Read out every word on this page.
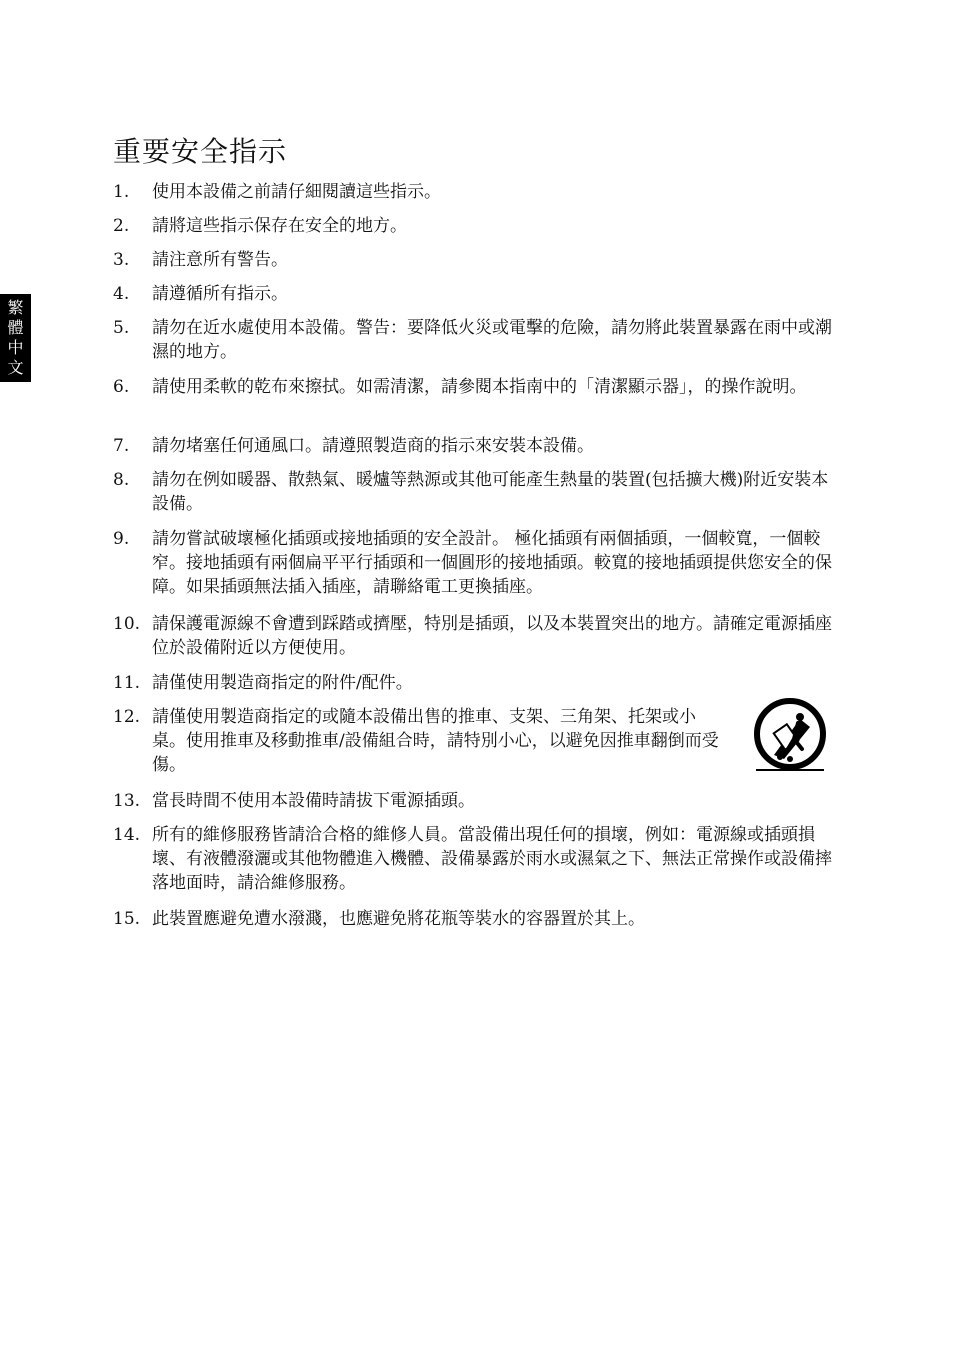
繁
體
中
文
重要安全指示
1.	使用本設備之前請仔細閱讀這些指示。
2.	請將這些指示保存在安全的地方。
3.	請注意所有警告。
4.	請遵循所有指示。
5.	請勿在近水處使用本設備。警告：要降低火災或電擊的危險，請勿將此裝置暴露在雨中或潮濕的地方。
6.	請使用柔軟的乾布來擦拭。如需清潔，請參閱本指南中的「清潔顯示器」，的操作說明。
7.	請勿堵塞任何通風口。請遵照製造商的指示來安裝本設備。
8.	請勿在例如暖器、散熱氣、暖爐等熱源或其他可能產生熱量的裝置(包括擴大機)附近安裝本設備。
9.	請勿嘗試破壞極化插頭或接地插頭的安全設計。 極化插頭有兩個插頭，一個較寬，一個較窄。接地插頭有兩個扁平平行插頭和一個圓形的接地插頭。較寬的接地插頭提供您安全的保障。如果插頭無法插入插座，請聯絡電工更換插座。
10. 請保護電源線不會遭到踩踏或擠壓，特別是插頭，以及本裝置突出的地方。請確定電源插座位於設備附近以方便使用。
11. 請僅使用製造商指定的附件/配件。
12. 請僅使用製造商指定的或隨本設備出售的推車、支架、三角架、托架或小桌。使用推車及移動推車/設備組合時，請特別小心，以避免因推車翻倒而受傷。
13. 當長時間不使用本設備時請拔下電源插頭。
14. 所有的維修服務皆請洽合格的維修人員。當設備出現任何的損壞，例如：電源線或插頭損壞、有液體潑灑或其他物體進入機體、設備暴露於雨水或濕氣之下、無法正常操作或設備摔落地面時，請洽維修服務。
15. 此裝置應避免遭水潑濺，也應避免將花瓶等裝水的容器置於其上。
